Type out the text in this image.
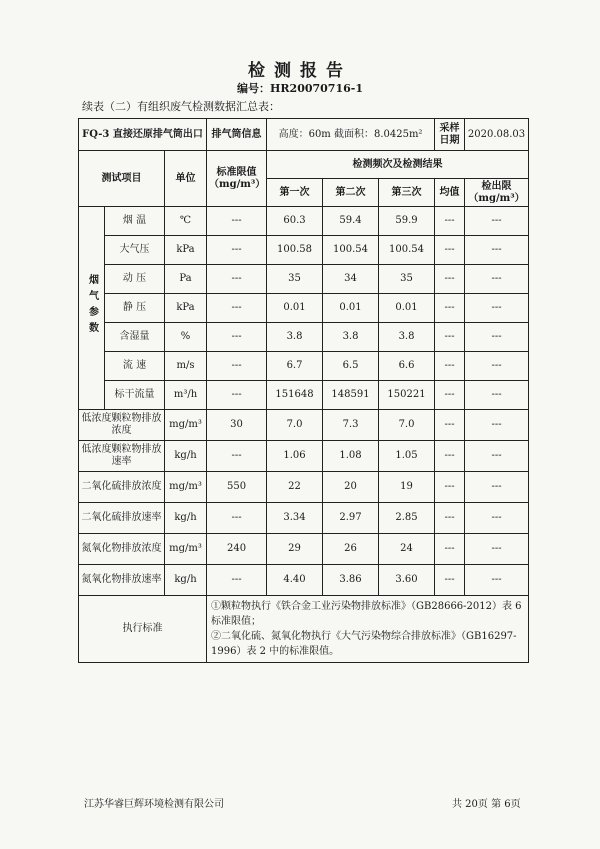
检测报告
编号：HR20070716-1
续表（二）有组织废气检测数据汇总表：
FQ-3 直接还原排气筒出口			排气筒信息	高度：60m 截面积：8.0425m²			采样日期	2020.08.03
测试项目		单位	标准限值（mg/m³）	检测频次及检测结果				
				第一次	第二次	第三次	均值	检出限（mg/m³）
烟气参数	烟 温	℃	---	60.3	59.4	59.9	---	---
	大气压	kPa	---	100.58	100.54	100.54	---	---
	动 压	Pa	---	35	34	35	---	---
	静 压	kPa	---	0.01	0.01	0.01	---	---
	含湿量	%	---	3.8	3.8	3.8	---	---
	流 速	m/s	---	6.7	6.5	6.6	---	---
	标干流量	m³/h	---	151648	148591	150221	---	---
低浓度颗粒物排放浓度		mg/m³	30	7.0	7.3	7.0	---	---
低浓度颗粒物排放速率		kg/h	---	1.06	1.08	1.05	---	---
二氧化硫排放浓度		mg/m³	550	22	20	19	---	---
二氧化硫排放速率		kg/h	---	3.34	2.97	2.85	---	---
氮氧化物排放浓度		mg/m³	240	29	26	24	---	---
氮氧化物排放速率		kg/h	---	4.40	3.86	3.60	---	---
执行标准			①颗粒物执行《铁合金工业污染物排放标准》（GB28666-2012）表 6 标准限值；
②二氧化硫、氮氧化物执行《大气污染物综合排放标准》（GB16297-1996）表 2 中的标准限值。					
江苏华睿巨辉环境检测有限公司	共 20页 第 6页
